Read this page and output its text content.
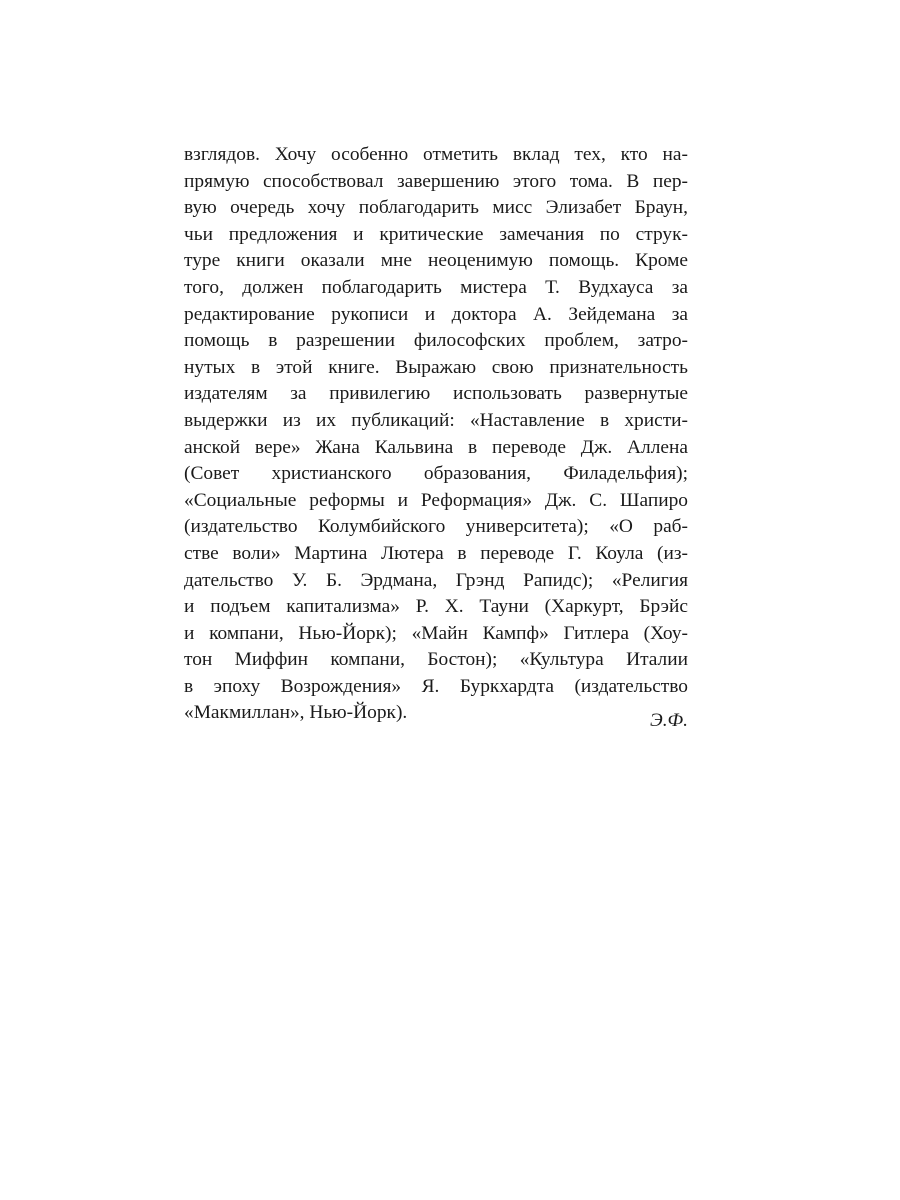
взглядов. Хочу особенно отметить вклад тех, кто на-
прямую способствовал завершению этого тома. В пер-
вую очередь хочу поблагодарить мисс Элизабет Браун,
чьи предложения и критические замечания по струк-
туре книги оказали мне неоценимую помощь. Кроме
того, должен поблагодарить мистера Т. Вудхауса за
редактирование рукописи и доктора А. Зейдемана за
помощь в разрешении философских проблем, затро-
нутых в этой книге. Выражаю свою признательность
издателям за привилегию использовать развернутые
выдержки из их публикаций: «Наставление в христи-
анской вере» Жана Кальвина в переводе Дж. Аллена
(Совет христианского образования, Филадельфия);
«Социальные реформы и Реформация» Дж. С. Шапиро
(издательство Колумбийского университета); «О раб-
стве воли» Мартина Лютера в переводе Г. Коула (из-
дательство У. Б. Эрдмана, Грэнд Рапидс); «Религия
и подъем капитализма» Р. Х. Тауни (Харкурт, Брэйс
и компани, Нью-Йорк); «Майн Кампф» Гитлера (Хоу-
тон Миффин компани, Бостон); «Культура Италии
в эпоху Возрождения» Я. Буркхардта (издательство
«Макмиллан», Нью-Йорк).	Э.Ф.
